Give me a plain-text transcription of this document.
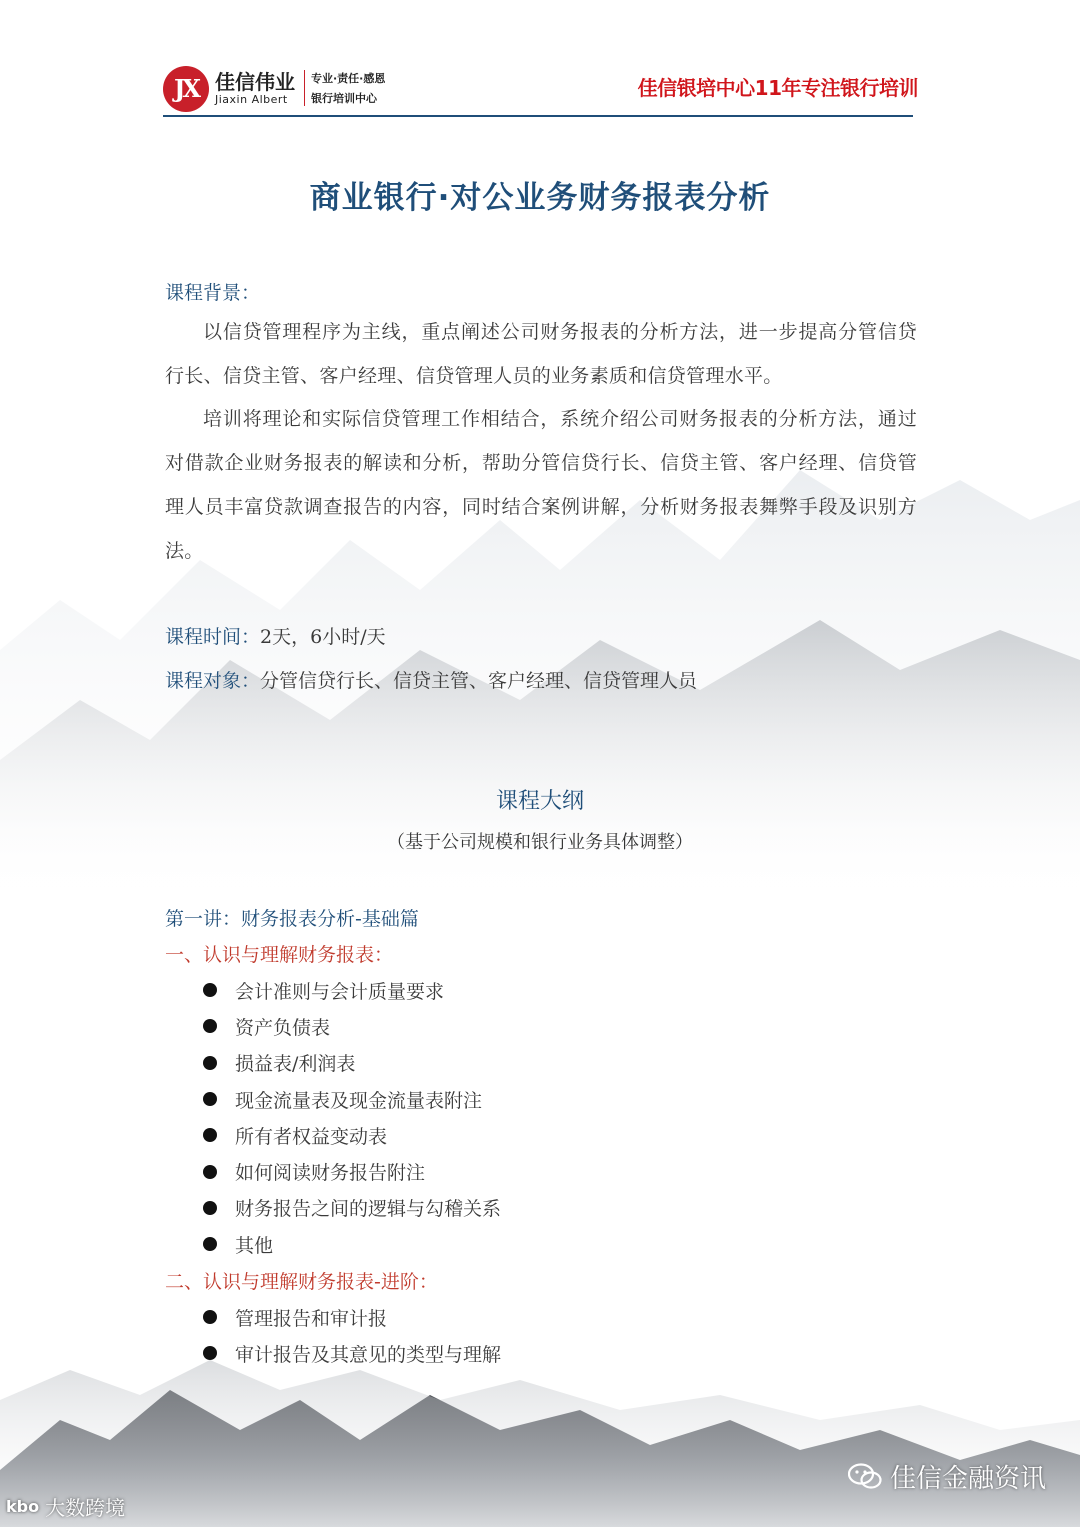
JX 佳信伟业
Jiaxin Albert
专业·责任·感恩
银行培训中心	佳信银培中心11年专注银行培训
商业银行·对公业务财务报表分析
课程背景：
以信贷管理程序为主线，重点阐述公司财务报表的分析方法，进一步提高分管信贷行长、信贷主管、客户经理、信贷管理人员的业务素质和信贷管理水平。
培训将理论和实际信贷管理工作相结合，系统介绍公司财务报表的分析方法，通过对借款企业财务报表的解读和分析，帮助分管信贷行长、信贷主管、客户经理、信贷管理人员丰富贷款调查报告的内容，同时结合案例讲解，分析财务报表舞弊手段及识别方法。
课程时间：2天，6小时/天
课程对象：分管信贷行长、信贷主管、客户经理、信贷管理人员
课程大纲
（基于公司规模和银行业务具体调整）
第一讲：财务报表分析-基础篇
一、认识与理解财务报表：
会计准则与会计质量要求
资产负债表
损益表/利润表
现金流量表及现金流量表附注
所有者权益变动表
如何阅读财务报告附注
财务报告之间的逻辑与勾稽关系
其他
二、认识与理解财务报表-进阶：
管理报告和审计报
审计报告及其意见的类型与理解
kbo 大数跨境
佳信金融资讯
